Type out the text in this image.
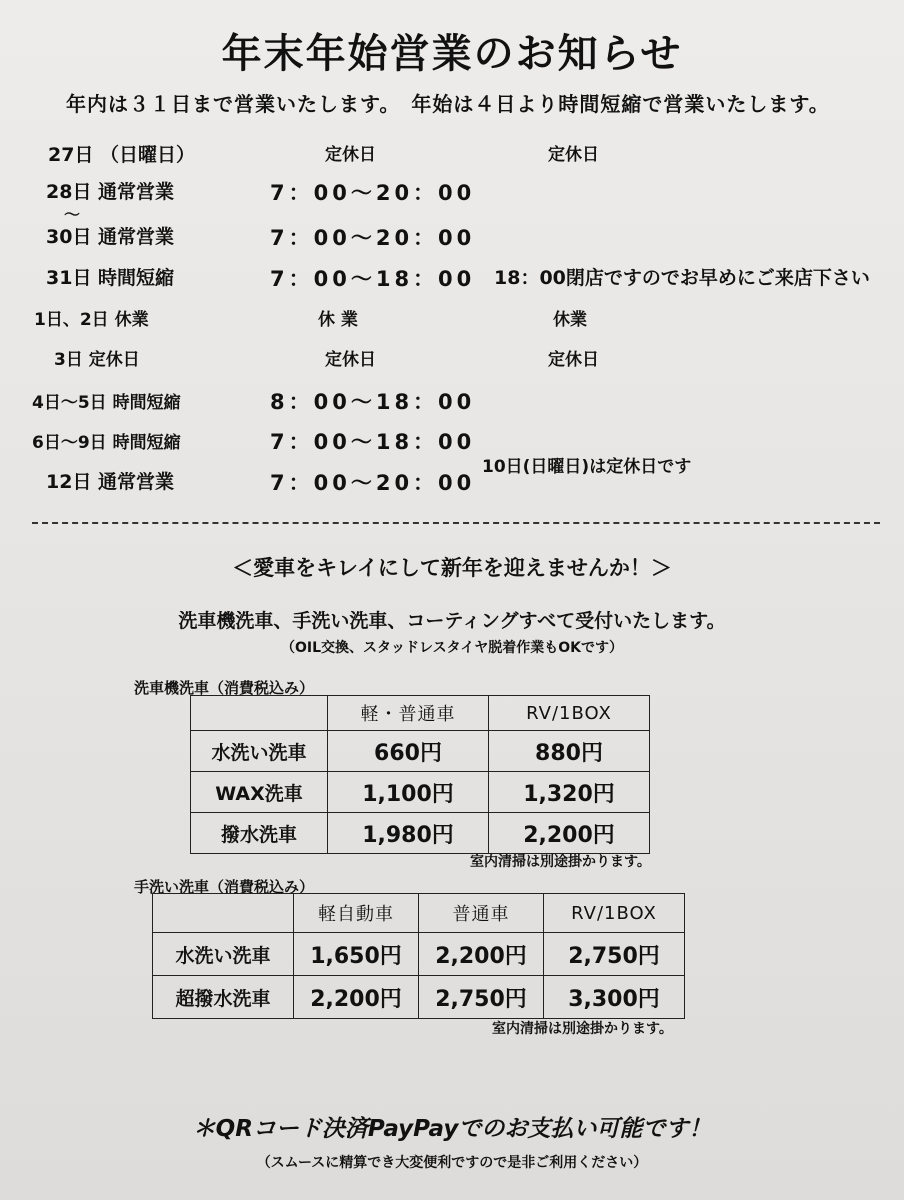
年末年始営業のお知らせ
年内は３１日まで営業いたします。　年始は４日より時間短縮で営業いたします。
27日 （日曜日）	定休日	定休日
28日 通常営業	7：00〜20：00
〜
30日 通常営業	7：00〜20：00
31日 時間短縮	7：00〜18：00 18：00閉店ですのでお早めにご来店下さい
1日、2日 休業	休 業	休業
3日 定休日	定休日	定休日
4日〜5日 時間短縮	8：00〜18：00
6日〜9日 時間短縮	7：00〜18：00
10日(日曜日)は定休日です
12日 通常営業	7：00〜20：00
＜愛車をキレイにして新年を迎えませんか！＞
洗車機洗車、手洗い洗車、コーティングすべて受付いたします。
（OIL交換、スタッドレスタイヤ脱着作業もOKです）
洗車機洗車（消費税込み）
	軽・普通車	RV/1BOX
水洗い洗車	660円	880円
WAX洗車	1,100円	1,320円
撥水洗車	1,980円	2,200円
室内清掃は別途掛かります。
手洗い洗車（消費税込み）
	軽自動車	普通車	RV/1BOX
水洗い洗車	1,650円	2,200円	2,750円
超撥水洗車	2,200円	2,750円	3,300円
室内清掃は別途掛かります。
＊QRコード決済PayPayでのお支払い可能です！
（スムースに精算でき大変便利ですので是非ご利用ください）
